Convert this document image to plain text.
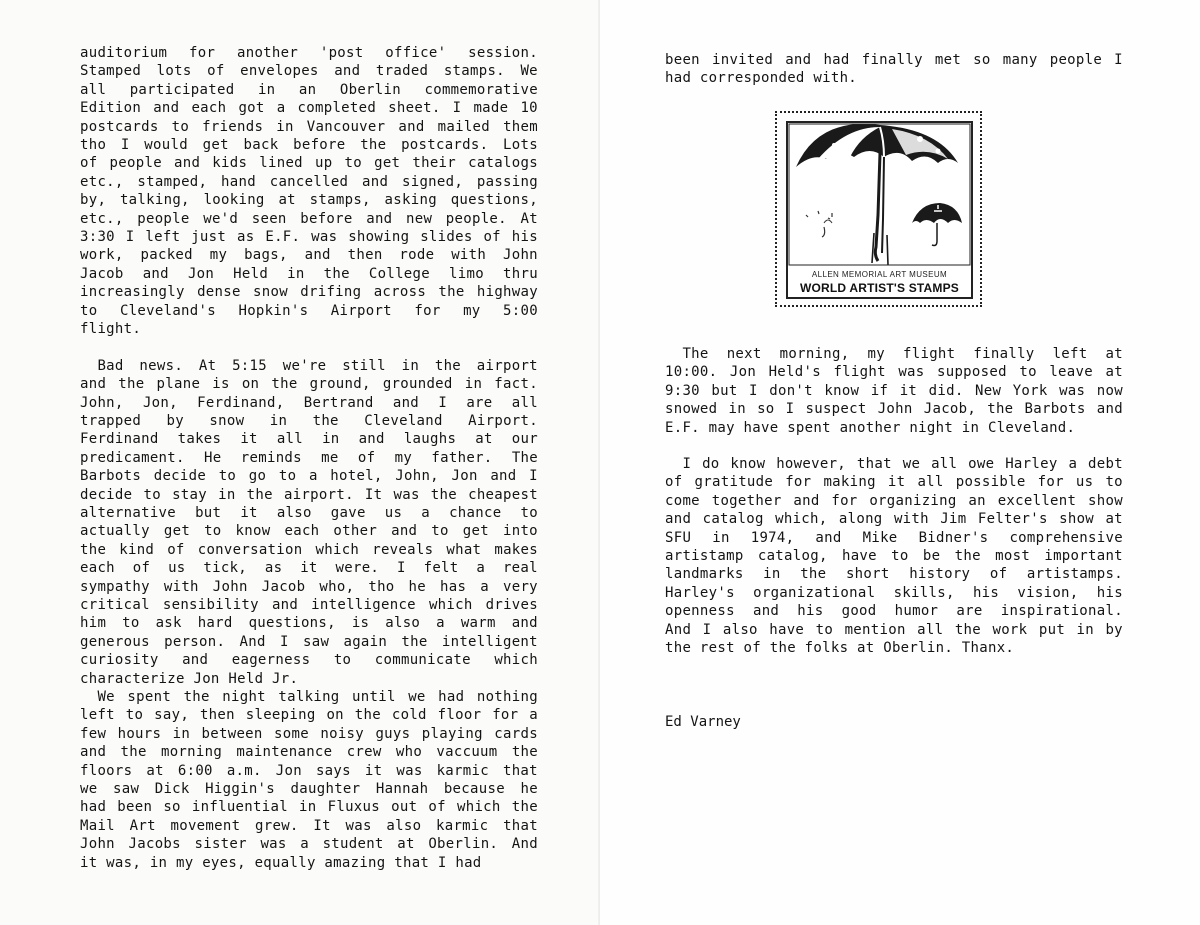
ALLEN MEMORIAL ART MUSEUM
WORLD ARTIST'S STAMPS
Ed Varney
auditorium for another 'post office' session.
Stamped lots of envelopes and traded stamps. We
all participated in an Oberlin commemorative
Edition and each got a completed sheet. I made 10
postcards to friends in Vancouver and mailed them
tho I would get back before the postcards. Lots
of people and kids lined up to get their catalogs
etc., stamped, hand cancelled and signed, passing
by, talking, looking at stamps, asking questions,
etc., people we'd seen before and new people. At
3:30 I left just as E.F. was showing slides of his
work, packed my bags, and then rode with John
Jacob and Jon Held in the College limo thru
increasingly dense snow drifing across the highway
to Cleveland's Hopkin's Airport for my 5:00
flight.
Bad news. At 5:15 we're still in the airport
and the plane is on the ground, grounded in fact.
John, Jon, Ferdinand, Bertrand and I are all
trapped by snow in the Cleveland Airport.
Ferdinand takes it all in and laughs at our
predicament. He reminds me of my father. The
Barbots decide to go to a hotel, John, Jon and I
decide to stay in the airport. It was the cheapest
alternative but it also gave us a chance to
actually get to know each other and to get into
the kind of conversation which reveals what makes
each of us tick, as it were. I felt a real
sympathy with John Jacob who, tho he has a very
critical sensibility and intelligence which drives
him to ask hard questions, is also a warm and
generous person. And I saw again the intelligent
curiosity and eagerness to communicate which
characterize Jon Held Jr.
We spent the night talking until we had nothing
left to say, then sleeping on the cold floor for a
few hours in between some noisy guys playing cards
and the morning maintenance crew who vaccuum the
floors at 6:00 a.m. Jon says it was karmic that
we saw Dick Higgin's daughter Hannah because he
had been so influential in Fluxus out of which the
Mail Art movement grew. It was also karmic that
John Jacobs sister was a student at Oberlin. And
it was, in my eyes, equally amazing that I had
been invited and had finally met so many people I
had corresponded with.
The next morning, my flight finally left at
10:00. Jon Held's flight was supposed to leave at
9:30 but I don't know if it did. New York was now
snowed in so I suspect John Jacob, the Barbots and
E.F. may have spent another night in Cleveland.
I do know however, that we all owe Harley a debt
of gratitude for making it all possible for us to
come together and for organizing an excellent show
and catalog which, along with Jim Felter's show at
SFU in 1974, and Mike Bidner's comprehensive
artistamp catalog, have to be the most important
landmarks in the short history of artistamps.
Harley's organizational skills, his vision, his
openness and his good humor are inspirational.
And I also have to mention all the work put in by
the rest of the folks at Oberlin. Thanx.
